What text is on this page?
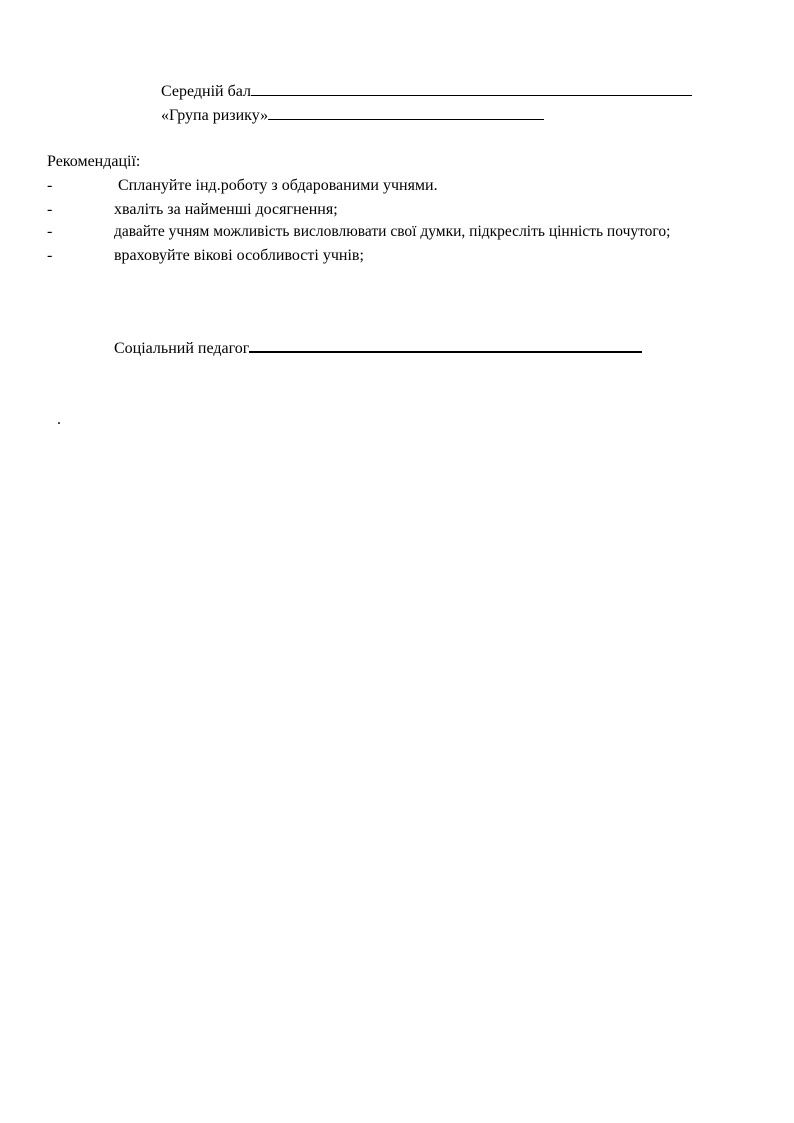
Середній бал
«Група ризику»
Рекомендації:
-	Сплануйте інд.роботу з обдарованими учнями.
-	хваліть за найменші досягнення;
-	давайте учням можливість висловлювати свої думки, підкресліть цінність почутого;
-	враховуйте вікові особливості учнів;
Соціальний педагог
.
